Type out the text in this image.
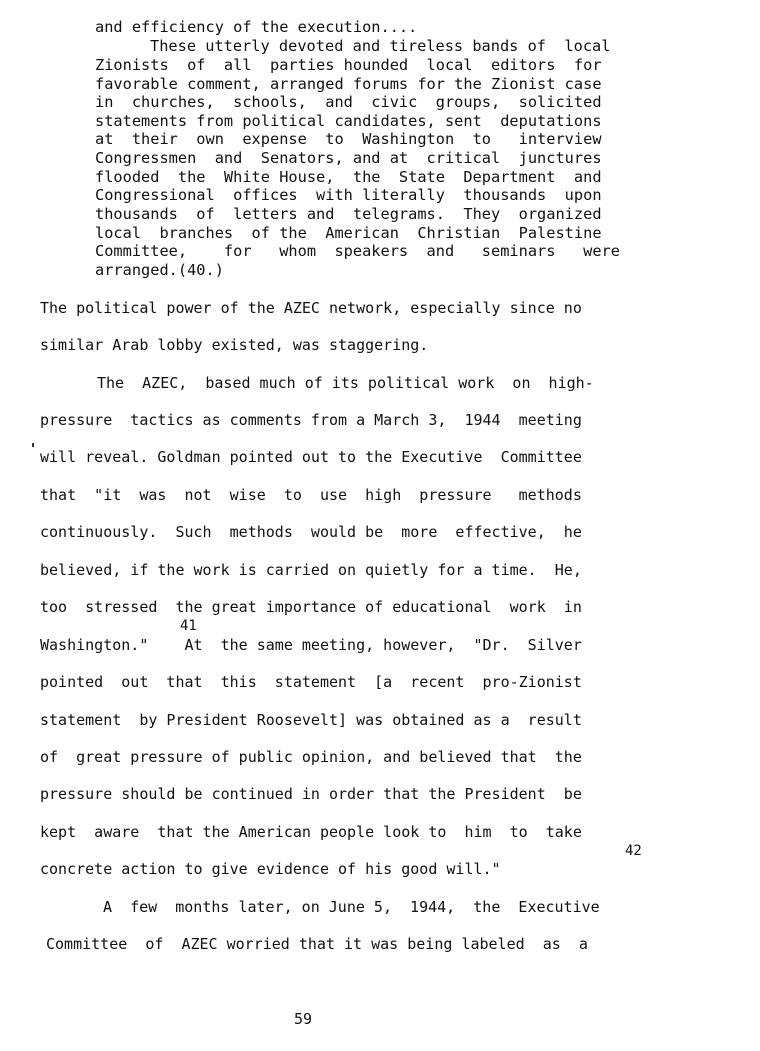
and efficiency of the execution....
These utterly devoted and tireless bands of  local
Zionists  of  all  parties hounded  local  editors  for
favorable comment, arranged forums for the Zionist case
in  churches,  schools,  and  civic  groups,  solicited
statements from political candidates, sent  deputations
at  their  own  expense  to  Washington  to   interview
Congressmen  and  Senators, and at  critical  junctures
flooded  the  White House,  the  State  Department  and
Congressional  offices  with literally  thousands  upon
thousands  of  letters and  telegrams.  They  organized
local  branches  of the  American  Christian  Palestine
Committee,    for   whom  speakers  and   seminars   were
arranged.(40.)
The political power of the AZEC network, especially since no
similar Arab lobby existed, was staggering.
The  AZEC,  based much of its political work  on  high-
pressure  tactics as comments from a March 3,  1944  meeting
will reveal. Goldman pointed out to the Executive  Committee
that  "it  was  not  wise  to  use  high  pressure   methods
continuously.  Such  methods  would be  more  effective,  he
believed, if the work is carried on quietly for a time.  He,
too  stressed  the great importance of educational  work  in
41
Washington."    At  the same meeting, however,  "Dr.  Silver
pointed  out  that  this  statement  [a  recent  pro-Zionist
statement  by President Roosevelt] was obtained as a  result
of  great pressure of public opinion, and believed that  the
pressure should be continued in order that the President  be
kept  aware  that the American people look to  him  to  take
42
concrete action to give evidence of his good will."
A  few  months later, on June 5,  1944,  the  Executive
Committee  of  AZEC worried that it was being labeled  as  a
59
